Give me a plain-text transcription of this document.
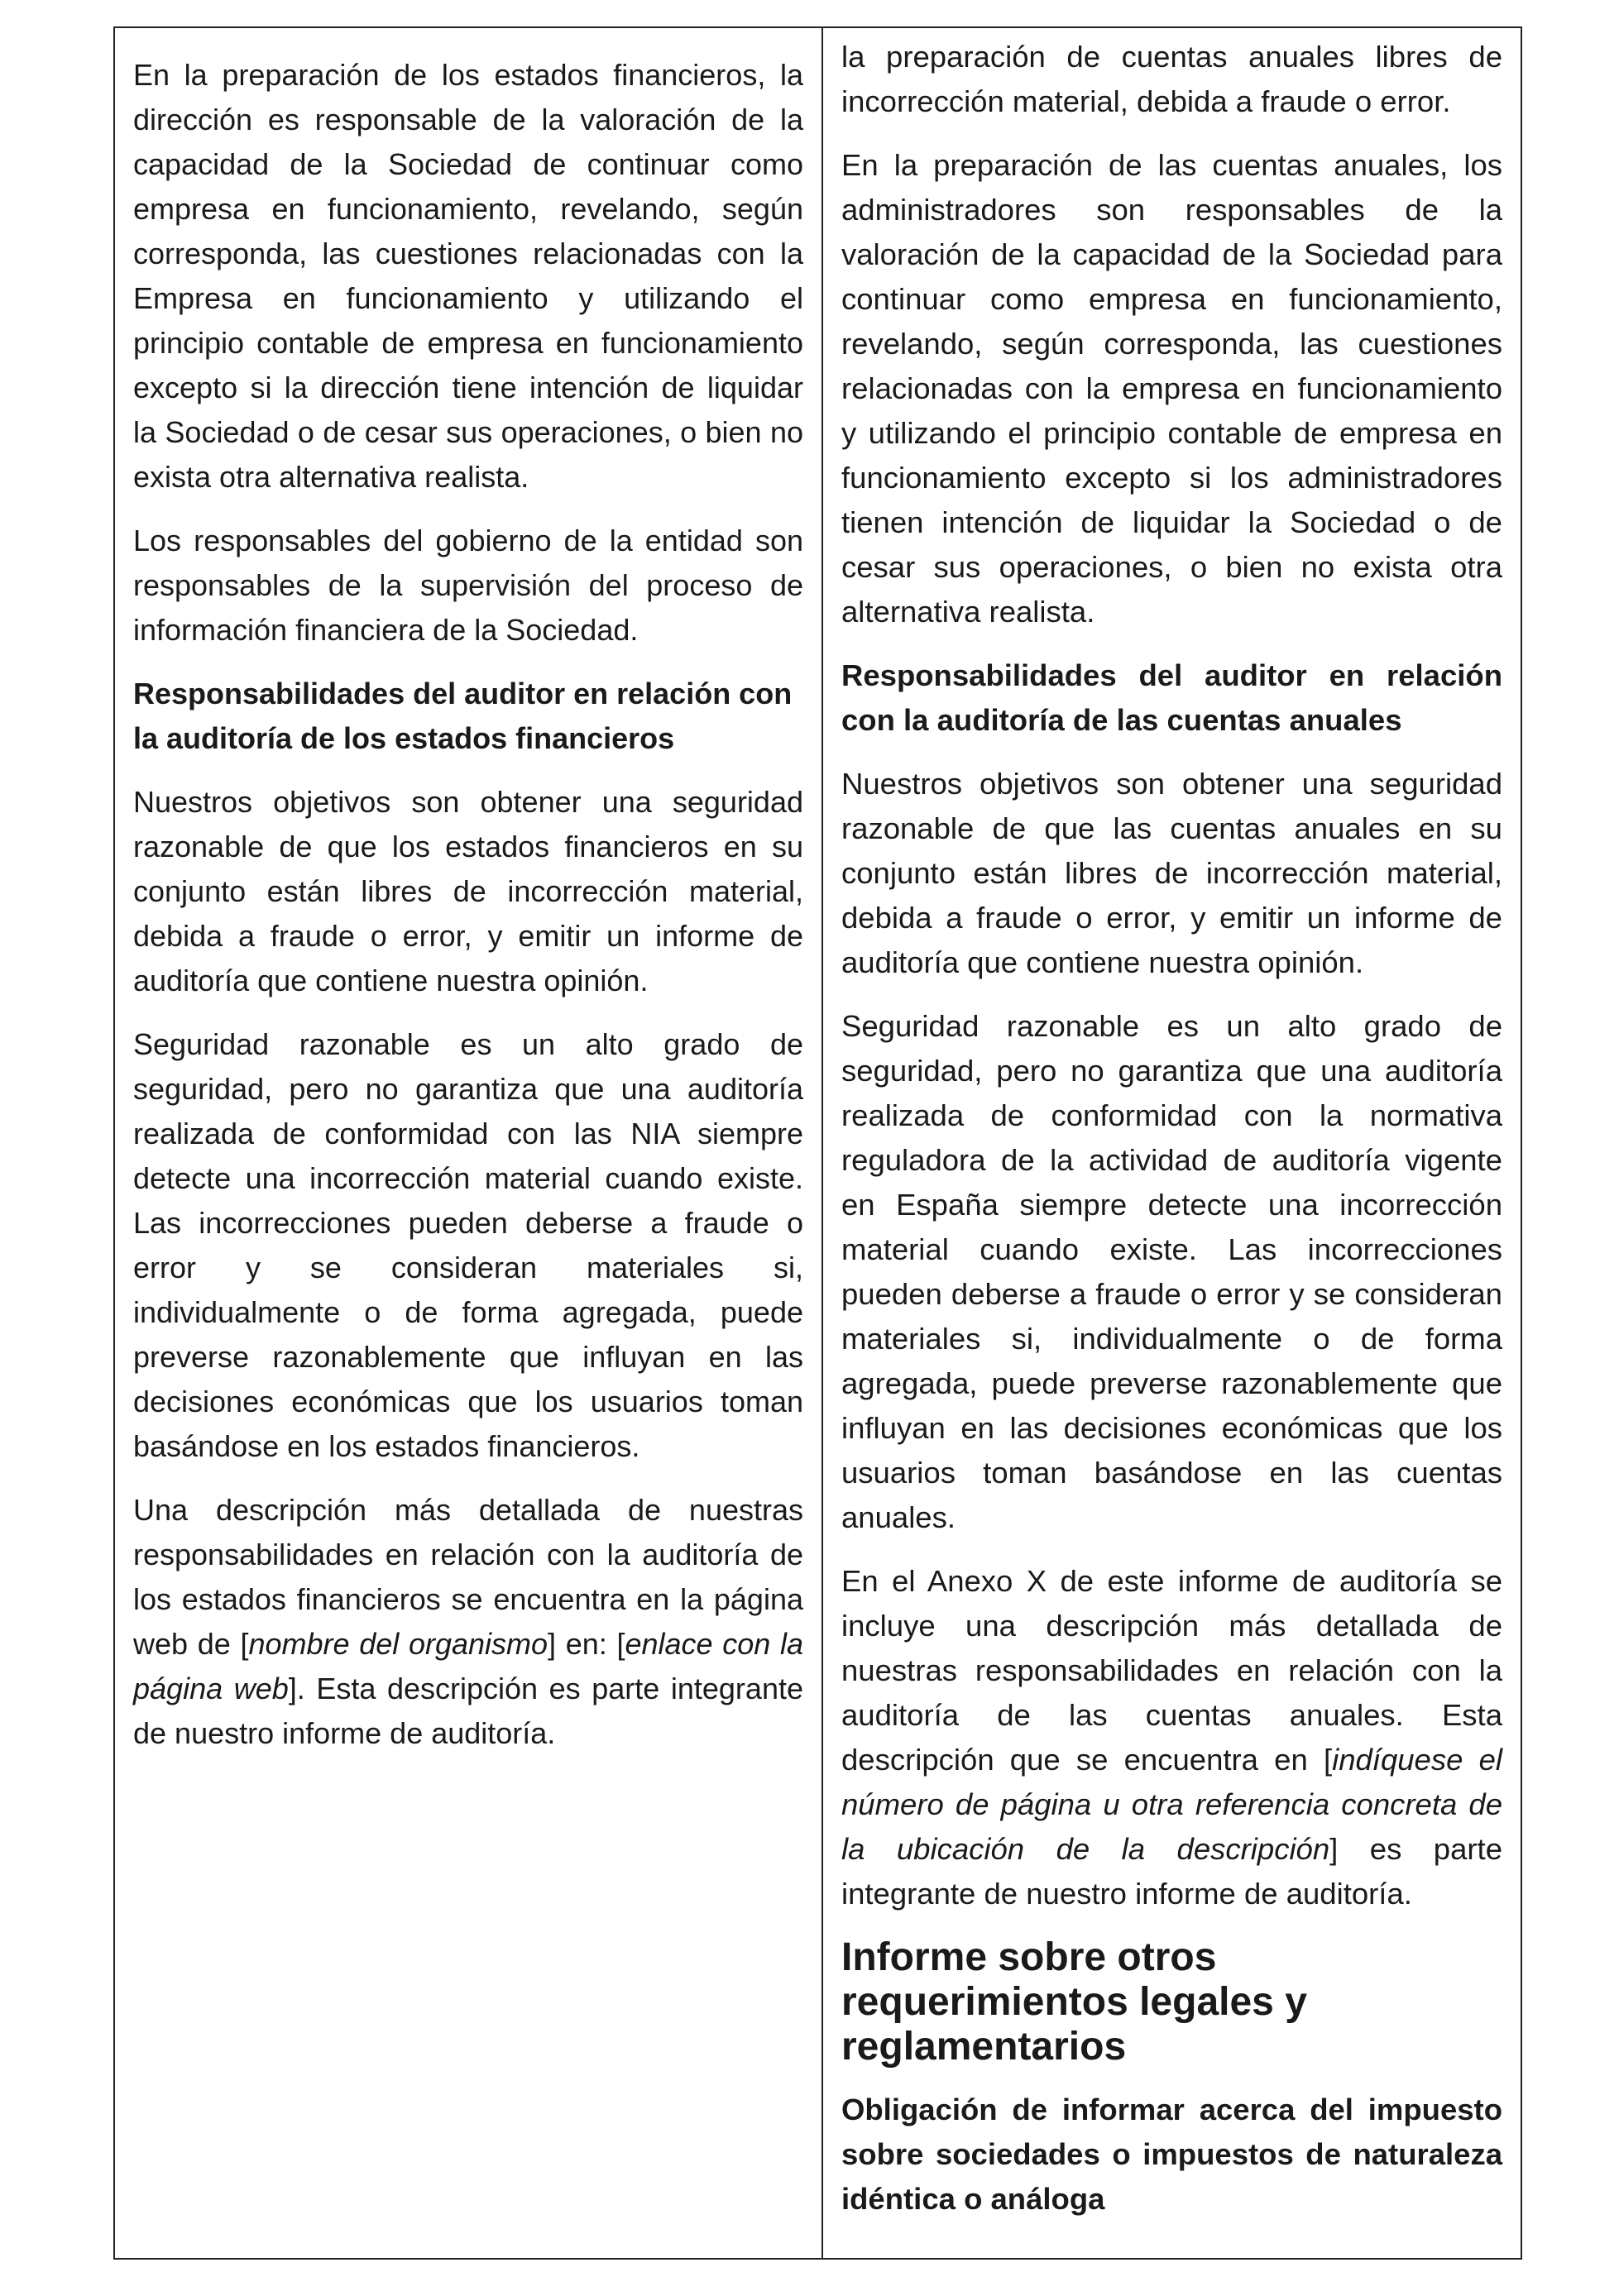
En la preparación de los estados financieros, la dirección es responsable de la valoración de la capacidad de la Sociedad de continuar como empresa en funcionamiento, revelando, según corresponda, las cuestiones relacionadas con la Empresa en funcionamiento y utilizando el principio contable de empresa en funcionamiento excepto si la dirección tiene intención de liquidar la Sociedad o de cesar sus operaciones, o bien no exista otra alternativa realista.

Los responsables del gobierno de la entidad son responsables de la supervisión del proceso de información financiera de la Sociedad.

Responsabilidades del auditor en relación con la auditoría de los estados financieros

Nuestros objetivos son obtener una seguridad razonable de que los estados financieros en su conjunto están libres de incorrección material, debida a fraude o error, y emitir un informe de auditoría que contiene nuestra opinión.

Seguridad razonable es un alto grado de seguridad, pero no garantiza que una auditoría realizada de conformidad con las NIA siempre detecte una incorrección material cuando existe. Las incorrecciones pueden deberse a fraude o error y se consideran materiales si, individualmente o de forma agregada, puede preverse razonablemente que influyan en las decisiones económicas que los usuarios toman basándose en los estados financieros.

Una descripción más detallada de nuestras responsabilidades en relación con la auditoría de los estados financieros se encuentra en la página web de [nombre del organismo] en: [enlace con la página web]. Esta descripción es parte integrante de nuestro informe de auditoría.

la preparación de cuentas anuales libres de incorrección material, debida a fraude o error.

En la preparación de las cuentas anuales, los administradores son responsables de la valoración de la capacidad de la Sociedad para continuar como empresa en funcionamiento, revelando, según corresponda, las cuestiones relacionadas con la empresa en funcionamiento y utilizando el principio contable de empresa en funcionamiento excepto si los administradores tienen intención de liquidar la Sociedad o de cesar sus operaciones, o bien no exista otra alternativa realista.

Responsabilidades del auditor en relación con la auditoría de las cuentas anuales

Nuestros objetivos son obtener una seguridad razonable de que las cuentas anuales en su conjunto están libres de incorrección material, debida a fraude o error, y emitir un informe de auditoría que contiene nuestra opinión.

Seguridad razonable es un alto grado de seguridad, pero no garantiza que una auditoría realizada de conformidad con la normativa reguladora de la actividad de auditoría vigente en España siempre detecte una incorrección material cuando existe. Las incorrecciones pueden deberse a fraude o error y se consideran materiales si, individualmente o de forma agregada, puede preverse razonablemente que influyan en las decisiones económicas que los usuarios toman basándose en las cuentas anuales.

En el Anexo X de este informe de auditoría se incluye una descripción más detallada de nuestras responsabilidades en relación con la auditoría de las cuentas anuales. Esta descripción que se encuentra en [indíquese el número de página u otra referencia concreta de la ubicación de la descripción] es parte integrante de nuestro informe de auditoría.

Informe sobre otros requerimientos legales y reglamentarios

Obligación de informar acerca del impuesto sobre sociedades o impuestos de naturaleza idéntica o análoga
